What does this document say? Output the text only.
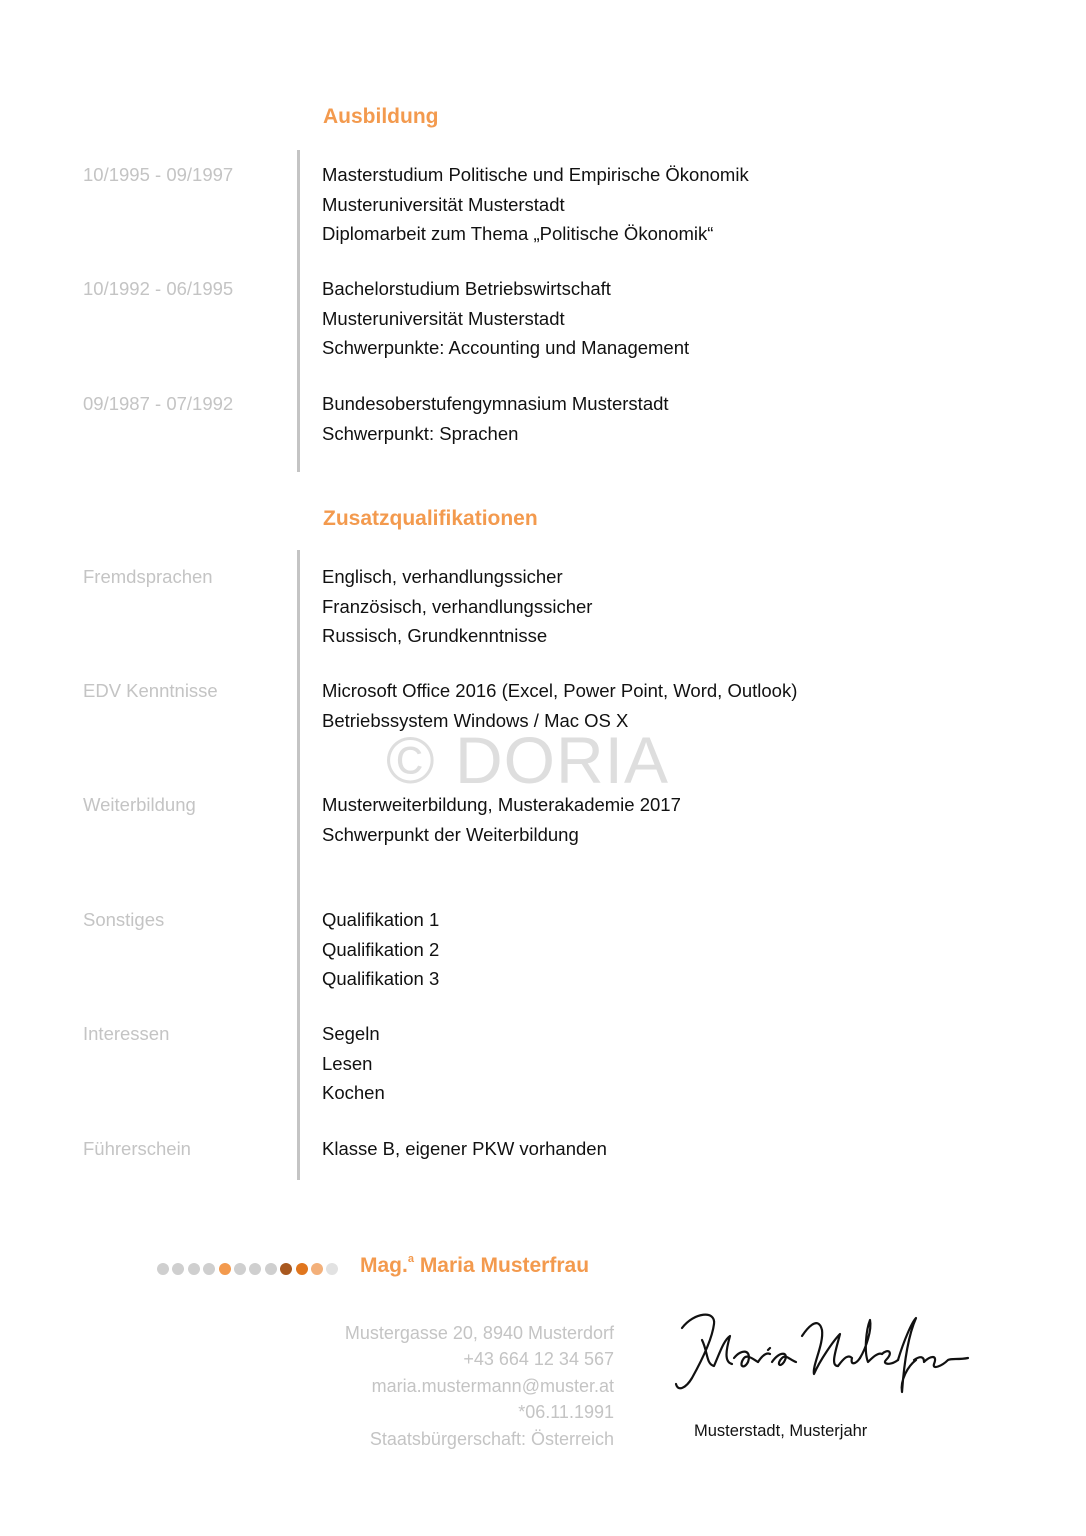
Ausbildung
10/1995 - 09/1997	Masterstudium Politische und Empirische Ökonomik
Musteruniversität Musterstadt
Diplomarbeit zum Thema „Politische Ökonomik“
10/1992 - 06/1995	Bachelorstudium Betriebswirtschaft
Musteruniversität Musterstadt
Schwerpunkte: Accounting und Management
09/1987 - 07/1992	Bundesoberstufengymnasium Musterstadt
Schwerpunkt: Sprachen
Zusatzqualifikationen
Fremdsprachen	Englisch, verhandlungssicher
Französisch, verhandlungssicher
Russisch, Grundkenntnisse
EDV Kenntnisse	Microsoft Office 2016 (Excel, Power Point, Word, Outlook)
Betriebssystem Windows / Mac OS X
Weiterbildung	Musterweiterbildung, Musterakademie 2017
Schwerpunkt der Weiterbildung
Sonstiges	Qualifikation 1
Qualifikation 2
Qualifikation 3
Interessen	Segeln
Lesen
Kochen
Führerschein	Klasse B, eigener PKW vorhanden
© DORIA
Mag.$^a$ Maria Musterfrau
Mustergasse 20, 8940 Musterdorf
+43 664 12 34 567
maria.mustermann@muster.at
*06.11.1991
Staatsbürgerschaft: Österreich	Musterstadt, Musterjahr
